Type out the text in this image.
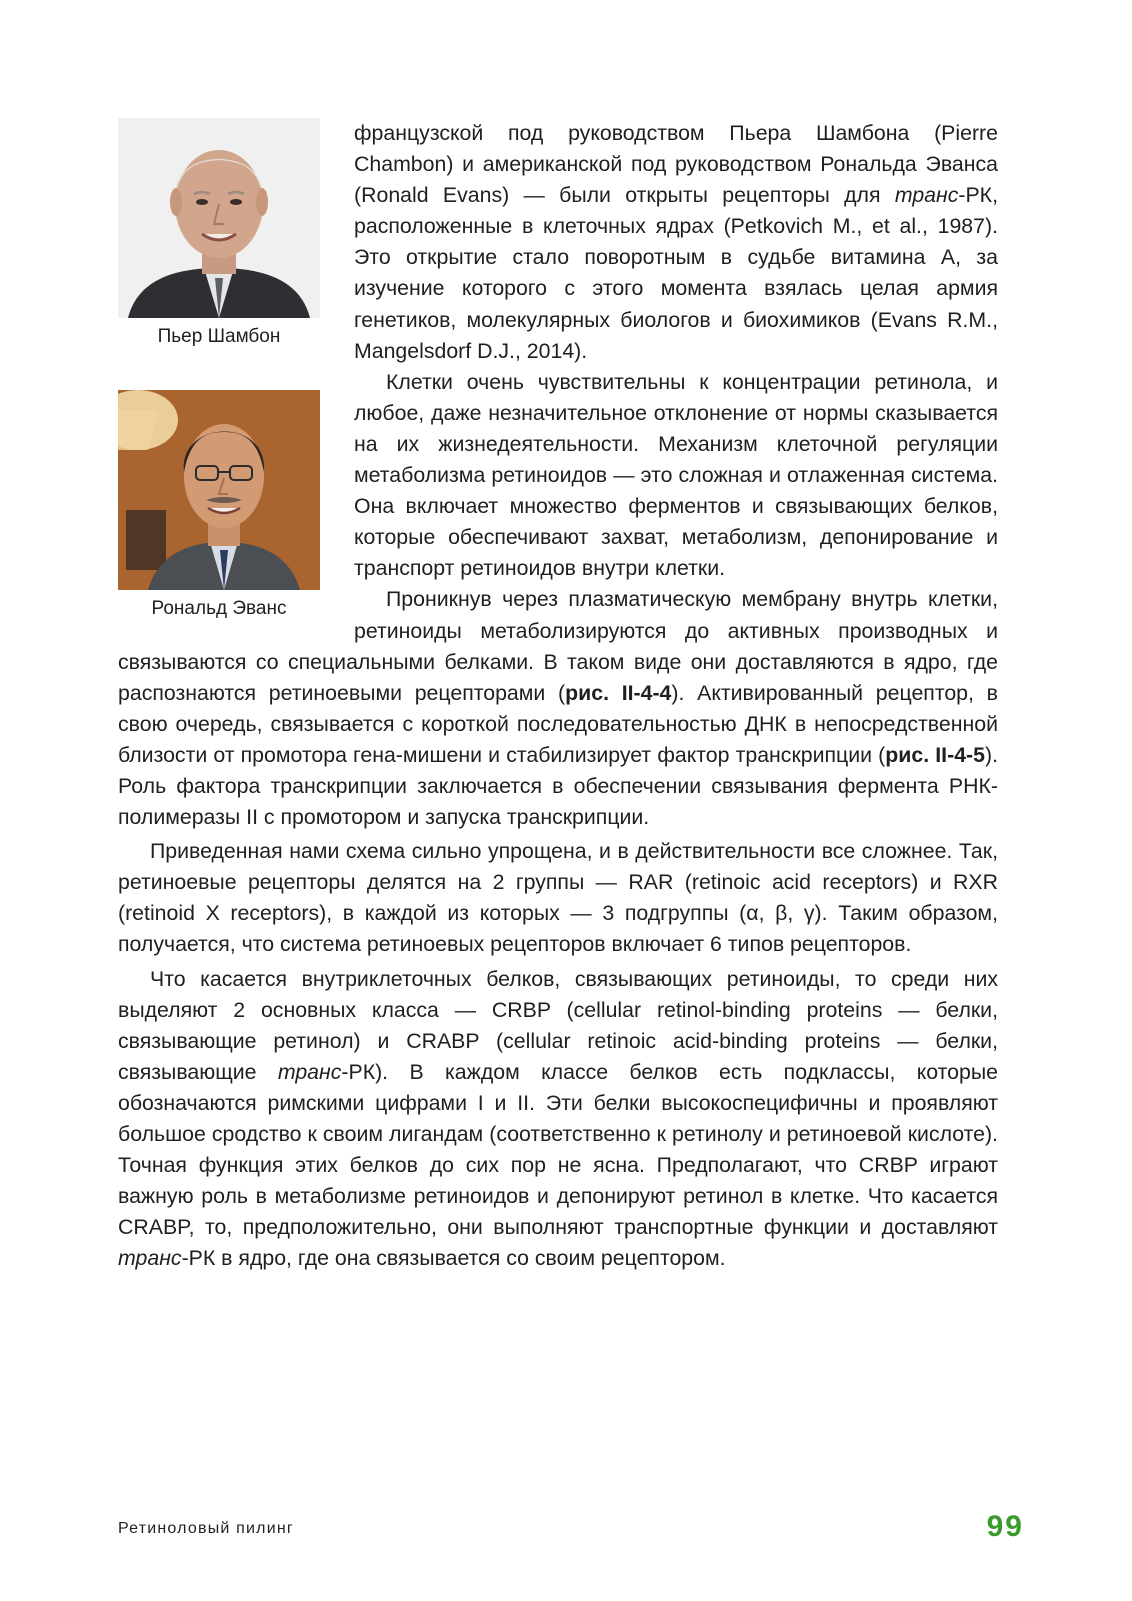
Пьер Шамбон
Рональд Эванс

французской под руководством Пьера Шамбона (Pierre Chambon) и американской под руководством Рональда Эванса (Ronald Evans) — были открыты рецепторы для транс-РК, расположенные в клеточных ядрах (Petkovich M., et al., 1987). Это открытие стало поворотным в судьбе витамина А, за изучение которого с этого момента взялась целая армия генетиков, молекулярных биологов и биохимиков (Evans R.M., Mangelsdorf D.J., 2014).

Клетки очень чувствительны к концентрации ретинола, и любое, даже незначительное отклонение от нормы сказывается на их жизнедеятельности. Механизм клеточной регуляции метаболизма ретиноидов — это сложная и отлаженная система. Она включает множество ферментов и связывающих белков, которые обеспечивают захват, метаболизм, депонирование и транспорт ретиноидов внутри клетки.

Проникнув через плазматическую мембрану внутрь клетки, ретиноиды метаболизируются до активных производных и связываются со специальными белками. В таком виде они доставляются в ядро, где распознаются ретиноевыми рецепторами (рис. II-4-4). Активированный рецептор, в свою очередь, связывается с короткой последовательностью ДНК в непосредственной близости от промотора гена-мишени и стабилизирует фактор транскрипции (рис. II-4-5). Роль фактора транскрипции заключается в обеспечении связывания фермента РНК-полимеразы II с промотором и запуска транскрипции.

Приведенная нами схема сильно упрощена, и в действительности все сложнее. Так, ретиноевые рецепторы делятся на 2 группы — RAR (retinoic acid receptors) и RXR (retinoid X receptors), в каждой из которых — 3 подгруппы (α, β, γ). Таким образом, получается, что система ретиноевых рецепторов включает 6 типов рецепторов.

Что касается внутриклеточных белков, связывающих ретиноиды, то среди них выделяют 2 основных класса — CRBP (cellular retinol-binding proteins — белки, связывающие ретинол) и CRABP (cellular retinoic acid-binding proteins — белки, связывающие транс-РК). В каждом классе белков есть подклассы, которые обозначаются римскими цифрами I и II. Эти белки высокоспецифичны и проявляют большое сродство к своим лигандам (соответственно к ретинолу и ретиноевой кислоте). Точная функция этих белков до сих пор не ясна. Предполагают, что CRBP играют важную роль в метаболизме ретиноидов и депонируют ретинол в клетке. Что касается CRABP, то, предположительно, они выполняют транспортные функции и доставляют транс-РК в ядро, где она связывается со своим рецептором.

Ретиноловый пилинг	99
